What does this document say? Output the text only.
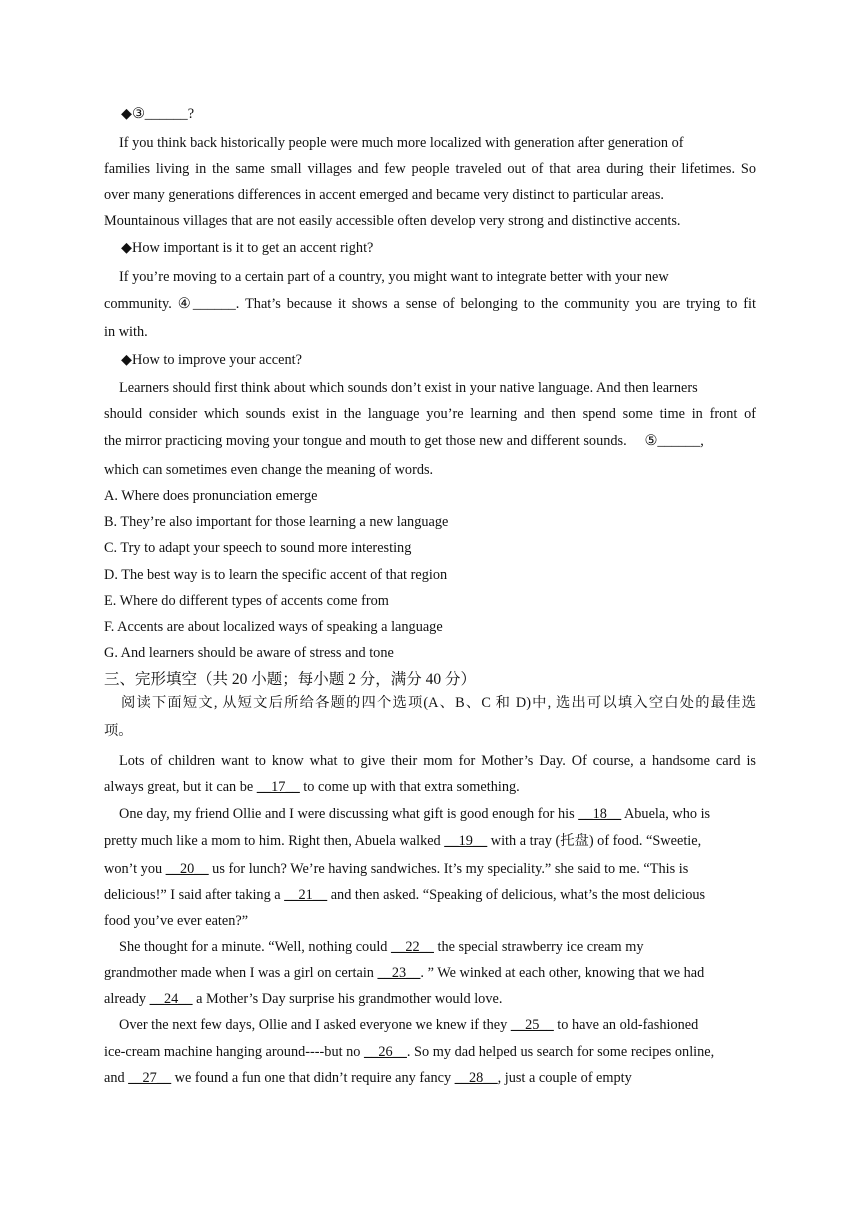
◆③______?
If you think back historically people were much more localized with generation after generation of
families living in the same small villages and few people traveled out of that area during their lifetimes. So
over many generations differences in accent emerged and became very distinct to particular areas.
Mountainous villages that are not easily accessible often develop very strong and distinctive accents.
◆How important is it to get an accent right?
If you’re moving to a certain part of a country, you might want to integrate better with your new
community. ④______. That’s because it shows a sense of belonging to the community you are trying to fit
in with.
◆How to improve your accent?
Learners should first think about which sounds don’t exist in your native language. And then learners
should consider which sounds exist in the language you’re learning and then spend some time in front of
the mirror practicing moving your tongue and mouth to get those new and different sounds.     ⑤______,
which can sometimes even change the meaning of words.
A. Where does pronunciation emerge
B. They’re also important for those learning a new language
C. Try to adapt your speech to sound more interesting
D. The best way is to learn the specific accent of that region
E. Where do different types of accents come from
F. Accents are about localized ways of speaking a language
G. And learners should be aware of stress and tone
三、完形填空（共 20 小题；每小题 2 分，满分 40 分）
阅读下面短文, 从短文后所给各题的四个选项(A、B、C 和 D)中, 选出可以填入空白处的最佳选
项。
Lots of children want to know what to give their mom for Mother’s Day. Of course, a handsome card is
always great, but it can be __17__ to come up with that extra something.
One day, my friend Ollie and I were discussing what gift is good enough for his __18__ Abuela, who is
pretty much like a mom to him. Right then, Abuela walked __19__ with a tray (托盘) of food. “Sweetie,
won’t you __20__ us for lunch? We’re having sandwiches. It’s my speciality.” she said to me. “This is
delicious!” I said after taking a __21__ and then asked. “Speaking of delicious, what’s the most delicious
food you’ve ever eaten?”
She thought for a minute. “Well, nothing could __22__ the special strawberry ice cream my
grandmother made when I was a girl on certain __23__. ” We winked at each other, knowing that we had
already __24__ a Mother’s Day surprise his grandmother would love.
Over the next few days, Ollie and I asked everyone we knew if they __25__ to have an old-fashioned
ice-cream machine hanging around----but no __26__. So my dad helped us search for some recipes online,
and __27__ we found a fun one that didn’t require any fancy __28__, just a couple of empty
